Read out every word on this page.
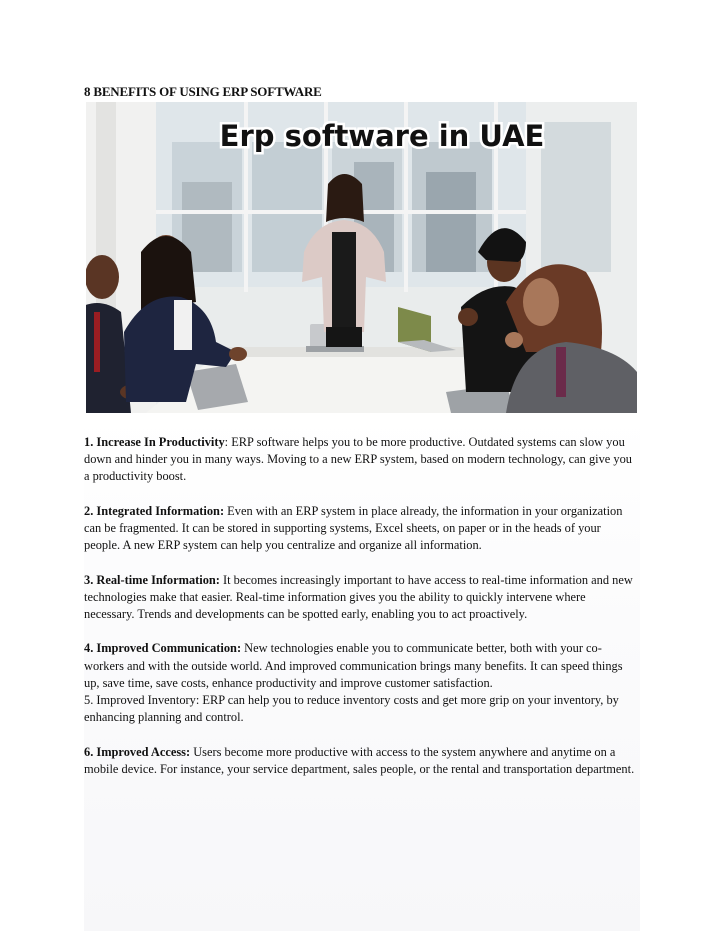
8 BENEFITS OF USING ERP SOFTWARE
Erp software in UAE

1. Increase In Productivity: ERP software helps you to be more productive. Outdated systems can slow you down and hinder you in many ways. Moving to a new ERP system, based on modern technology, can give you a productivity boost.

2. Integrated Information: Even with an ERP system in place already, the information in your organization can be fragmented. It can be stored in supporting systems, Excel sheets, on paper or in the heads of your people. A new ERP system can help you centralize and organize all information.

3. Real-time Information: It becomes increasingly important to have access to real-time information and new technologies make that easier. Real-time information gives you the ability to quickly intervene where necessary. Trends and developments can be spotted early, enabling you to act proactively.

4. Improved Communication: New technologies enable you to communicate better, both with your co-workers and with the outside world. And improved communication brings many benefits. It can speed things up, save time, save costs, enhance productivity and improve customer satisfaction.

5. Improved Inventory: ERP can help you to reduce inventory costs and get more grip on your inventory, by enhancing planning and control.

6. Improved Access: Users become more productive with access to the system anywhere and anytime on a mobile device. For instance, your service department, sales people, or the rental and transportation department.
